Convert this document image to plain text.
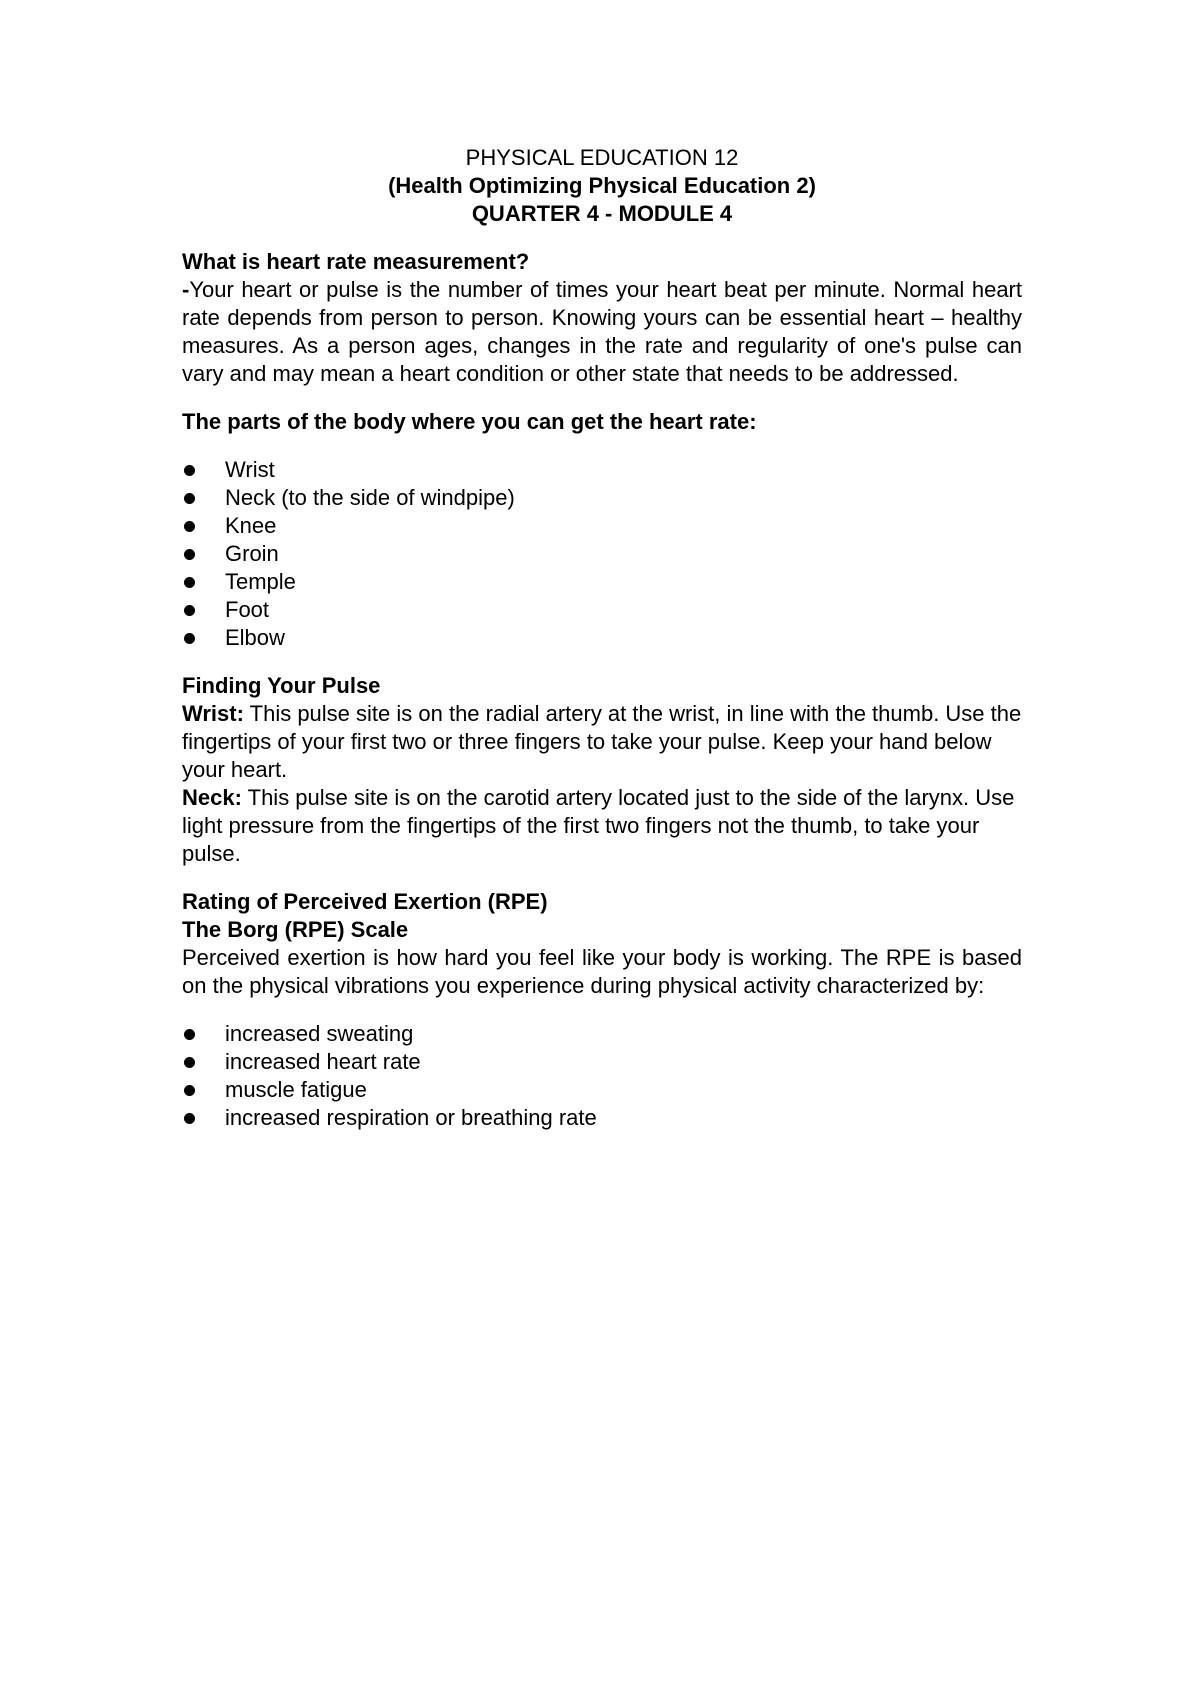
PHYSICAL EDUCATION 12
(Health Optimizing Physical Education 2)
QUARTER 4 - MODULE 4
What is heart rate measurement?

-Your heart or pulse is the number of times your heart beat per minute. Normal heart rate depends from person to person. Knowing yours can be essential heart – healthy measures. As a person ages, changes in the rate and regularity of one's pulse can vary and may mean a heart condition or other state that needs to be addressed.

The parts of the body where you can get the heart rate:
Wrist
Neck (to the side of windpipe)
Knee
Groin
Temple
Foot
Elbow
Finding Your Pulse

Wrist: This pulse site is on the radial artery at the wrist, in line with the thumb. Use the fingertips of your first two or three fingers to take your pulse. Keep your hand below your heart.

Neck: This pulse site is on the carotid artery located just to the side of the larynx. Use light pressure from the fingertips of the first two fingers not the thumb, to take your pulse.

Rating of Perceived Exertion (RPE)
The Borg (RPE) Scale

Perceived exertion is how hard you feel like your body is working. The RPE is based on the physical vibrations you experience during physical activity characterized by:

increased sweating
increased heart rate
muscle fatigue
increased respiration or breathing rate
